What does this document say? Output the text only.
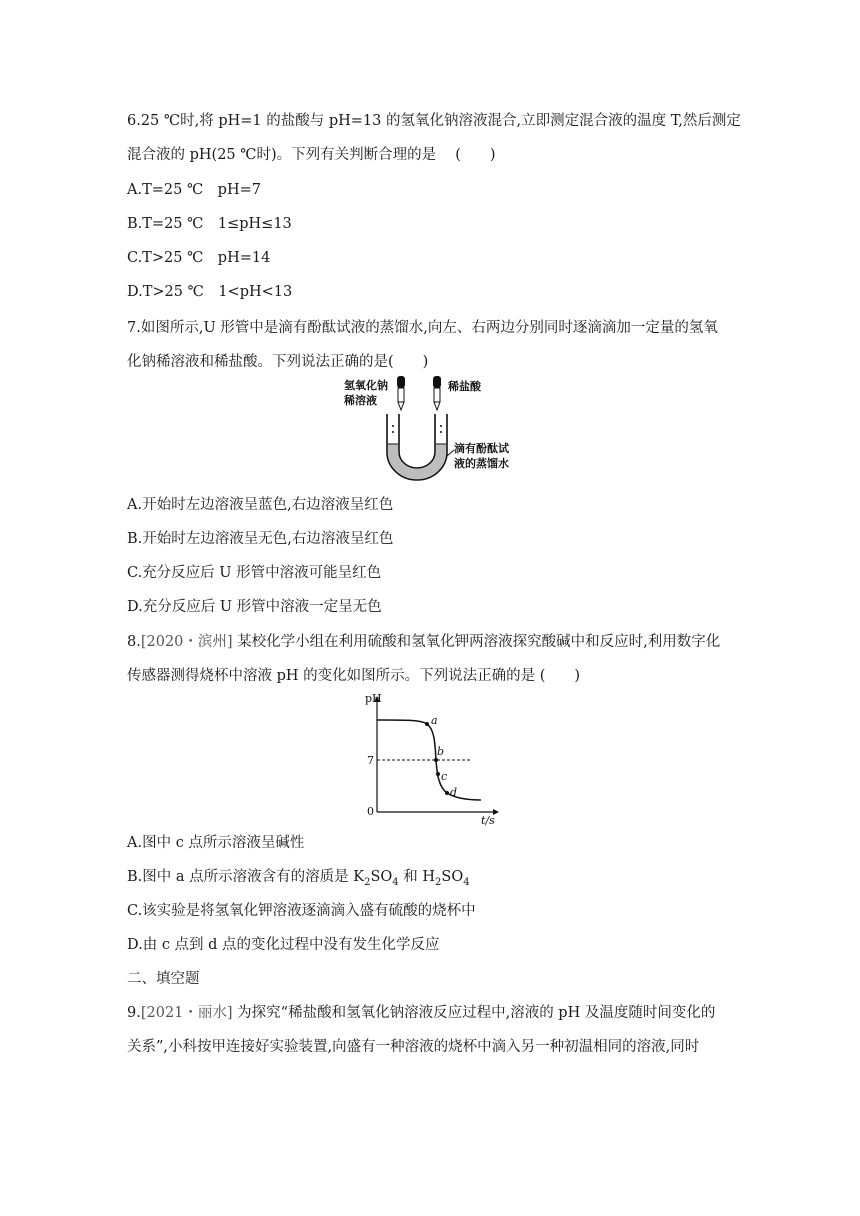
6.25 ℃时,将 pH=1 的盐酸与 pH=13 的氢氧化钠溶液混合,立即测定混合液的温度 T,然后测定
混合液的 pH(25 ℃时)。下列有关判断合理的是　 (　　)
A.T=25 ℃　pH=7
B.T=25 ℃　1≤pH≤13
C.T>25 ℃　pH=14
D.T>25 ℃　1<pH<13
7.如图所示,U 形管中是滴有酚酞试液的蒸馏水,向左、右两边分别同时逐滴滴加一定量的氢氧
化钠稀溶液和稀盐酸。下列说法正确的是(　　)
氢氧化钠
稀溶液
稀盐酸
滴有酚酞试
液的蒸馏水
A.开始时左边溶液呈蓝色,右边溶液呈红色
B.开始时左边溶液呈无色,右边溶液呈红色
C.充分反应后 U 形管中溶液可能呈红色
D.充分反应后 U 形管中溶液一定呈无色
8.[2020・滨州] 某校化学小组在利用硫酸和氢氧化钾两溶液探究酸碱中和反应时,利用数字化
传感器测得烧杯中溶液 pH 的变化如图所示。下列说法正确的是 (　　)
pH
t/s
7
0
a
b
c
d
A.图中 c 点所示溶液呈碱性
B.图中 a 点所示溶液含有的溶质是 $K_2SO_4$ 和 $H_2SO_4$
C.该实验是将氢氧化钾溶液逐滴滴入盛有硫酸的烧杯中
D.由 c 点到 d 点的变化过程中没有发生化学反应
二、填空题
9.[2021・丽水] 为探究“稀盐酸和氢氧化钠溶液反应过程中,溶液的 pH 及温度随时间变化的
关系”,小科按甲连接好实验装置,向盛有一种溶液的烧杯中滴入另一种初温相同的溶液,同时
